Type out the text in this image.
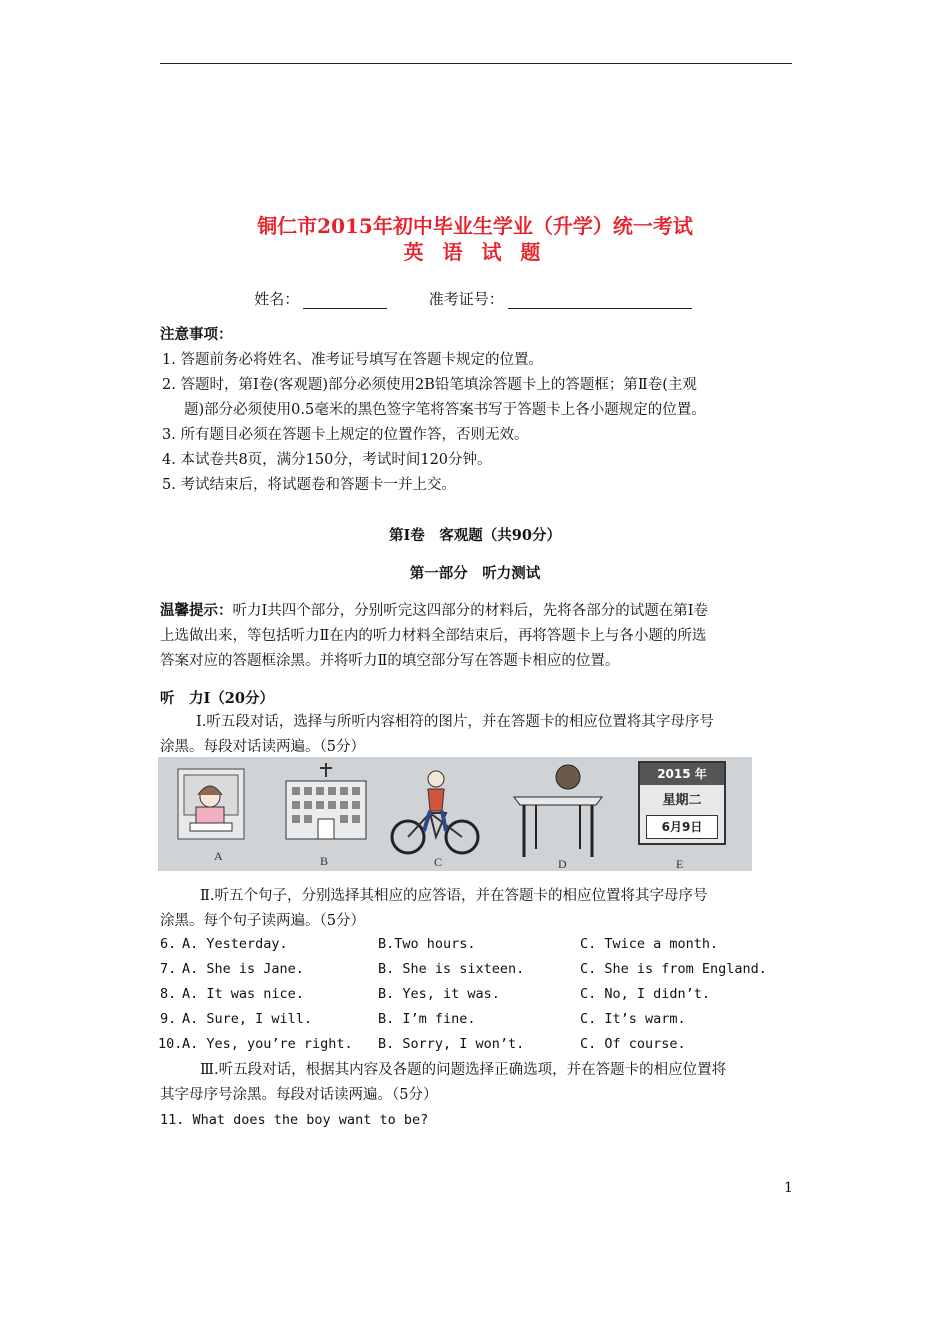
铜仁市2015年初中毕业生学业（升学）统一考试
英 语 试 题
姓名：	准考证号：
注意事项：
1. 答题前务必将姓名、准考证号填写在答题卡规定的位置。
2. 答题时，第Ⅰ卷(客观题)部分必须使用2B铅笔填涂答题卡上的答题框；第Ⅱ卷(主观
题)部分必须使用0.5毫米的黑色签字笔将答案书写于答题卡上各小题规定的位置。
3. 所有题目必须在答题卡上规定的位置作答，否则无效。
4. 本试卷共8页，满分150分，考试时间120分钟。
5. 考试结束后，将试题卷和答题卡一并上交。
第Ⅰ卷　客观题（共90分）
第一部分　听力测试
温馨提示：听力Ⅰ共四个部分，分别听完这四部分的材料后，先将各部分的试题在第Ⅰ卷
上选做出来，等包括听力Ⅱ在内的听力材料全部结束后，再将答题卡上与各小题的所选
答案对应的答题框涂黑。并将听力Ⅱ的填空部分写在答题卡相应的位置。
听　力Ⅰ（20分）
Ⅰ.听五段对话，选择与所听内容相符的图片，并在答题卡的相应位置将其字母序号
涂黑。每段对话读两遍。（5分）
A	B	C	D
2015 年
星期二
6月9日
E
Ⅱ.听五个句子，分别选择其相应的应答语，并在答题卡的相应位置将其字母序号
涂黑。每个句子读两遍。（5分）
6. A. Yesterday.	B.Two hours.	C. Twice a month.
7. A. She is Jane.	B. She is sixteen.	C. She is from England.
8. A. It was nice.	B. Yes, it was.	C. No, I didn’t.
9. A. Sure, I will.	B. I’m fine.	C. It’s warm.
10. A. Yes, you’re right. B. Sorry, I won’t.	C. Of course.
Ⅲ.听五段对话，根据其内容及各题的问题选择正确选项，并在答题卡的相应位置将
其字母序号涂黑。每段对话读两遍。（5分）
11. What does the boy want to be?
1
